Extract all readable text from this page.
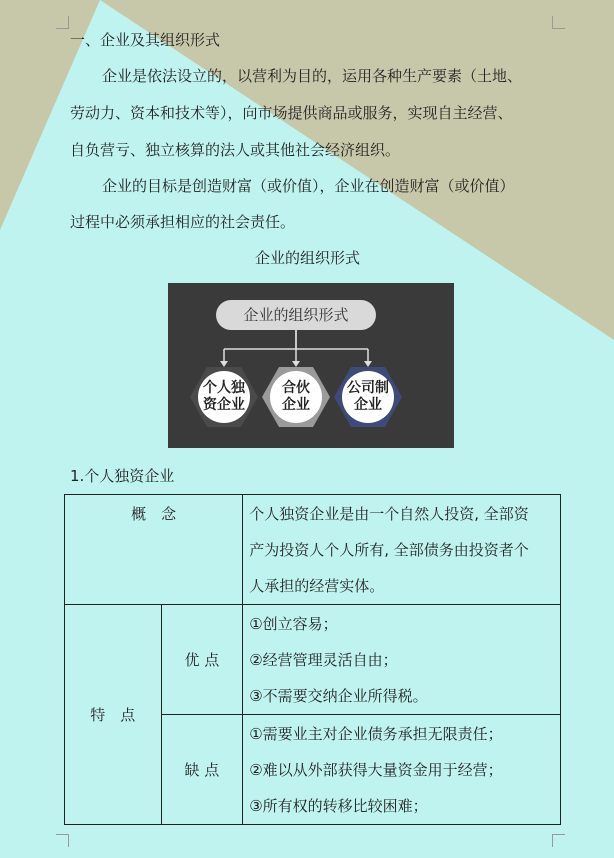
一、企业及其组织形式
企业是依法设立的，以营利为目的，运用各种生产要素（土地、
劳动力、资本和技术等），向市场提供商品或服务，实现自主经营、
自负营亏、独立核算的法人或其他社会经济组织。
企业的目标是创造财富（或价值），企业在创造财富（或价值）
过程中必须承担相应的社会责任。
企业的组织形式
企业的组织形式
个人独
资企业
合伙
企业
公司制
企业
1.个人独资企业
概　念		个人独资企业是由一个自然人投资, 全部资
产为投资人个人所有, 全部债务由投资者个
人承担的经营实体。

特　点	优 点	①创立容易；
②经营管理灵活自由；
③不需要交纳企业所得税。

	缺 点	①需要业主对企业债务承担无限责任；
②难以从外部获得大量资金用于经营；
③所有权的转移比较困难；
